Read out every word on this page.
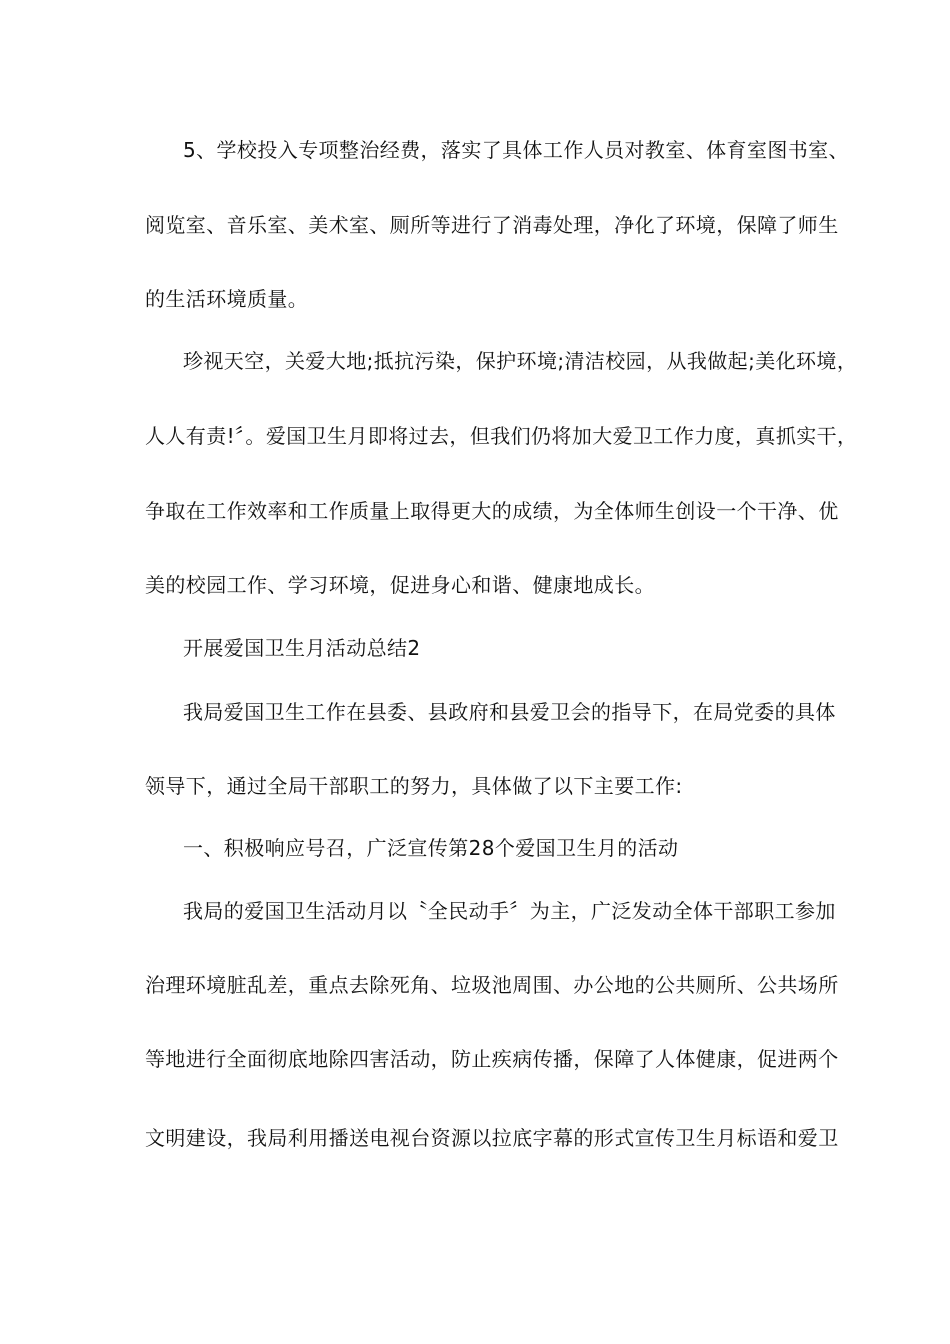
5、学校投入专项整治经费，落实了具体工作人员对教室、体育室图书室、
阅览室、音乐室、美术室、厕所等进行了消毒处理，净化了环境，保障了师生
的生活环境质量。
珍视天空，关爱大地;抵抗污染，保护环境;清洁校园，从我做起;美化环境，
人人有责!〞。爱国卫生月即将过去，但我们仍将加大爱卫工作力度，真抓实干，
争取在工作效率和工作质量上取得更大的成绩，为全体师生创设一个干净、优
美的校园工作、学习环境，促进身心和谐、健康地成长。
开展爱国卫生月活动总结2
我局爱国卫生工作在县委、县政府和县爱卫会的指导下，在局党委的具体
领导下，通过全局干部职工的努力，具体做了以下主要工作:
一、积极响应号召，广泛宣传第28个爱国卫生月的活动
我局的爱国卫生活动月以〝全民动手〞为主，广泛发动全体干部职工参加
治理环境脏乱差，重点去除死角、垃圾池周围、办公地的公共厕所、公共场所
等地进行全面彻底地除四害活动，防止疾病传播，保障了人体健康，促进两个
文明建设，我局利用播送电视台资源以拉底字幕的形式宣传卫生月标语和爱卫
